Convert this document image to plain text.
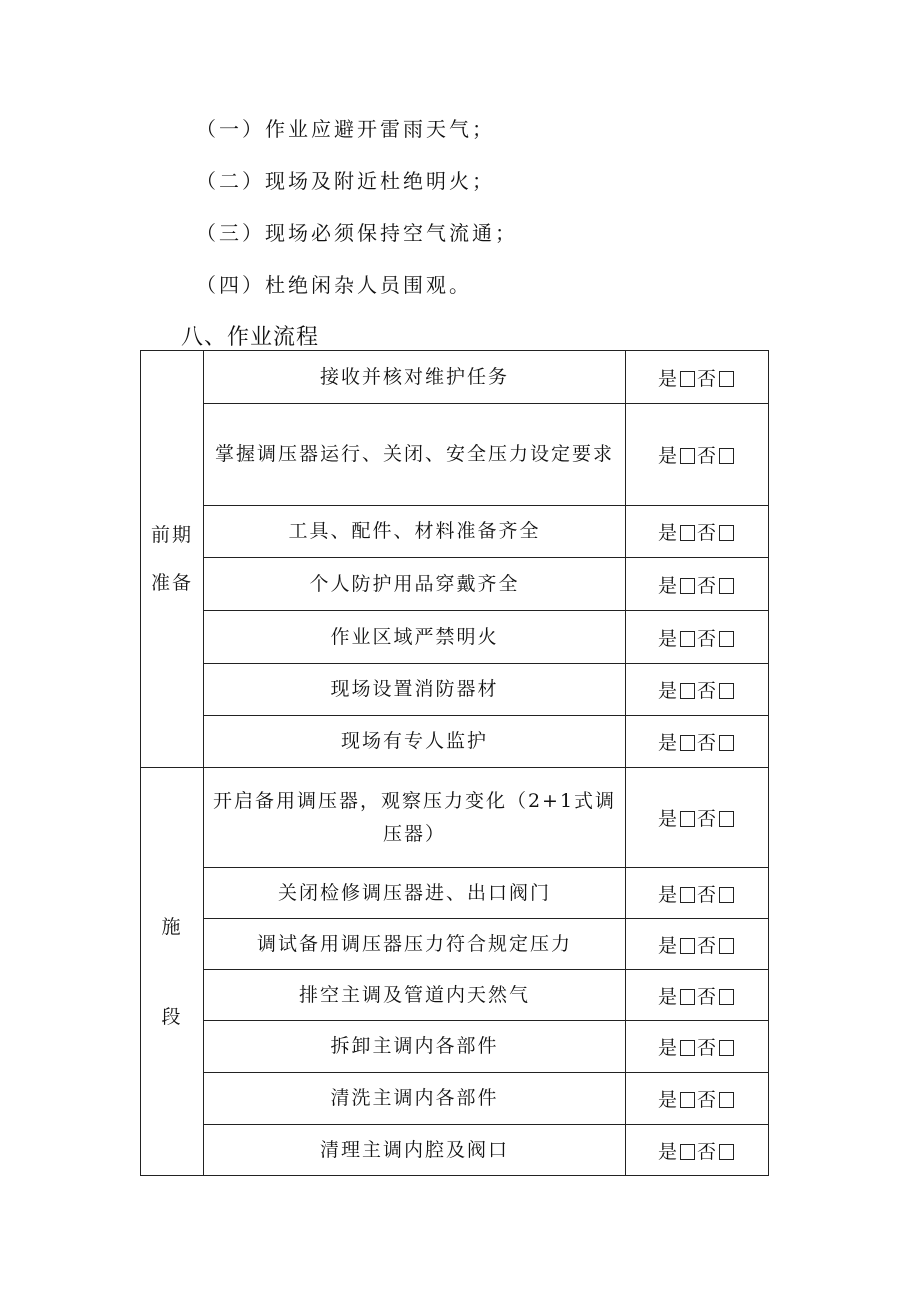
（一）作业应避开雷雨天气；
（二）现场及附近杜绝明火；
（三）现场必须保持空气流通；
（四）杜绝闲杂人员围观。
八、作业流程
前期
准备	接收并核对维护任务	是 否

	掌握调压器运行、关闭、安全压力设定要求	是 否

	工具、配件、材料准备齐全	是 否

	个人防护用品穿戴齐全	是 否

	作业区域严禁明火	是 否

	现场设置消防器材	是 否

	现场有专人监护	是 否

施
段	开启备用调压器，观察压力变化（2+1式调压器）	是 否

	关闭检修调压器进、出口阀门	是 否

	调试备用调压器压力符合规定压力	是 否

	排空主调及管道内天然气	是 否

	拆卸主调内各部件	是 否

	清洗主调内各部件	是 否

	清理主调内腔及阀口	是 否
